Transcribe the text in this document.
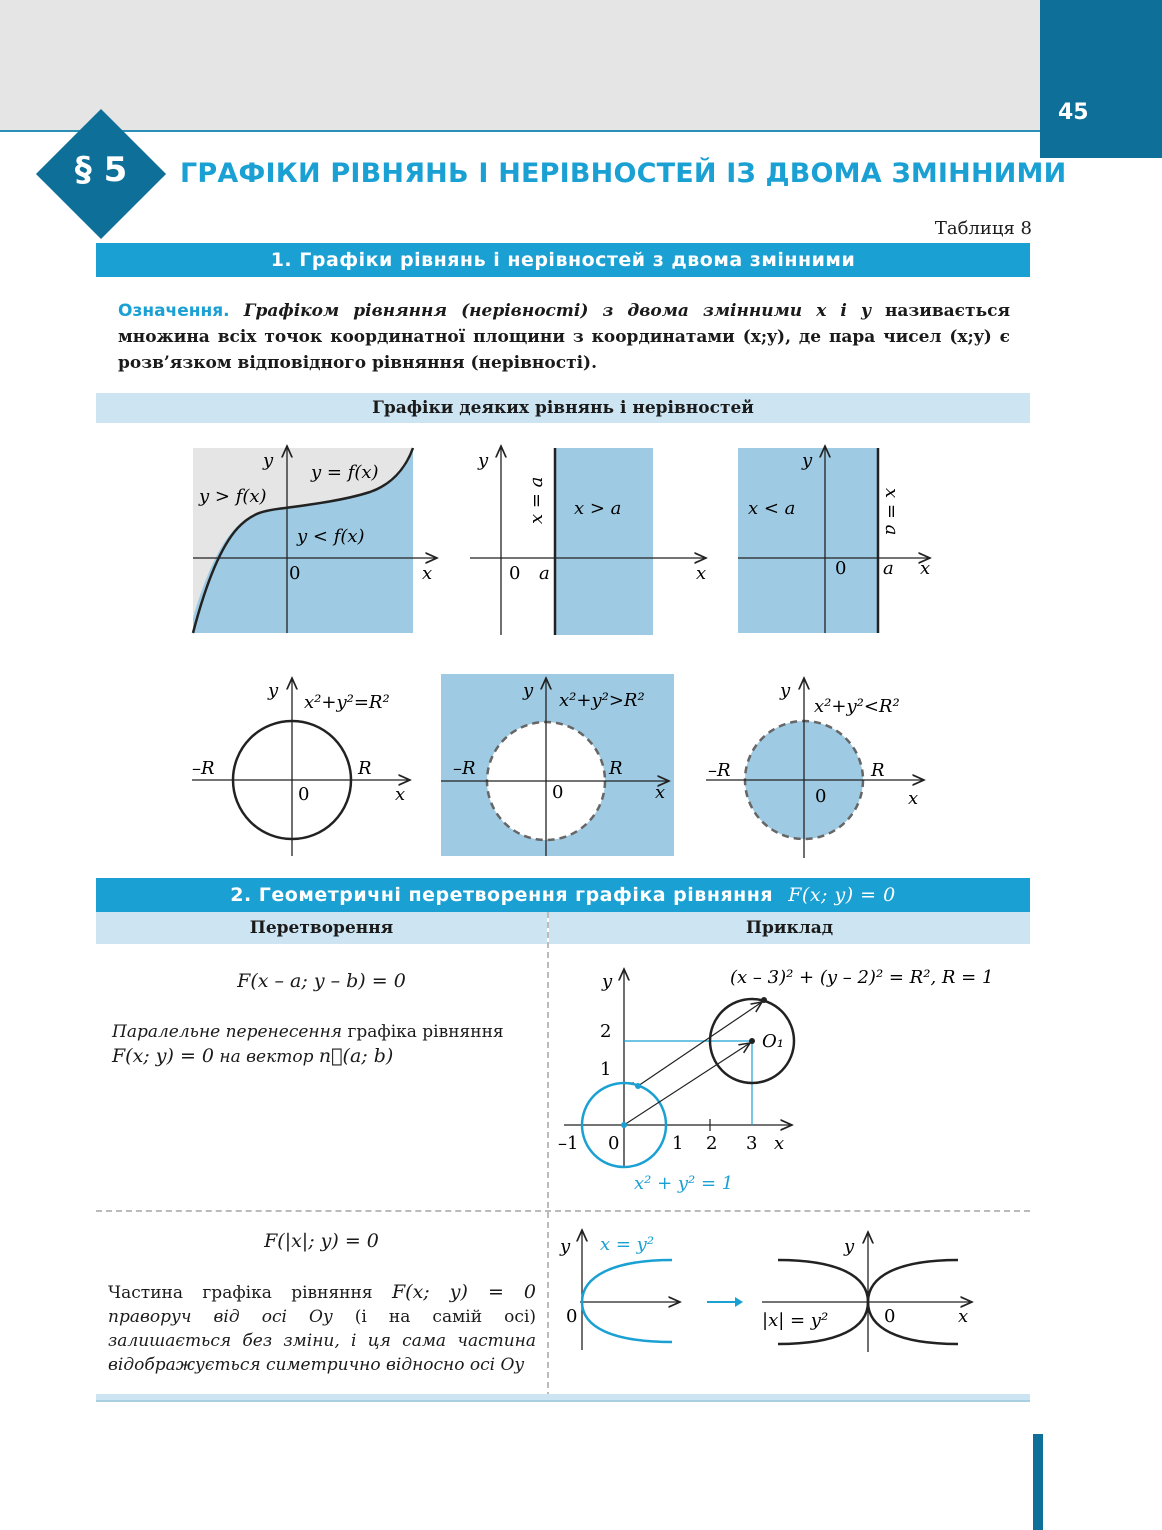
45
§ 5	ГРАФІКИ РІВНЯНЬ І НЕРІВНОСТЕЙ ІЗ ДВОМА ЗМІННИМИ
Таблиця 8
1. Графіки рівнянь і нерівностей з двома змінними
Означення. Графіком рівняння (нерівності) з двома змінними x і y називається множина всіх точок координатної площини з координатами (x;y), де пара чисел (x;y) є розв’язком відповідного рівняння (нерівності).
Графіки деяких рівнянь і нерівностей
y
x
0
y = f(x)
y > f(x)
y < f(x)
y
x
0 a
x > a
x = a
y
x
0 a
x < a	x = a
y
x
0
R
–R
x²+y²=R²
y
x
0
R
–R
x²+y²>R²	y
x
0
R
–R
x²+y²<R²
2. Геометричні перетворення графіка рівняння F(x; y) = 0
Перетворення	Приклад
F(x – a; y – b) = 0
Паралельне перенесення графіка рівняння
F(x; y) = 0 на вектор n⃗(a; b)
y
x
–1 0	1 2 3
1
2	O₁
(x – 3)² + (y – 2)² = R², R = 1
x² + y² = 1
F(|x|; y) = 0
Частина графіка рівняння F(x; y) = 0 праворуч від осі Oy (і на самій осі) залишається без зміни, і ця сама частина відображується симетрично відносно осі Oy
y
0
x = y²	y
x
0
|x| = y²
